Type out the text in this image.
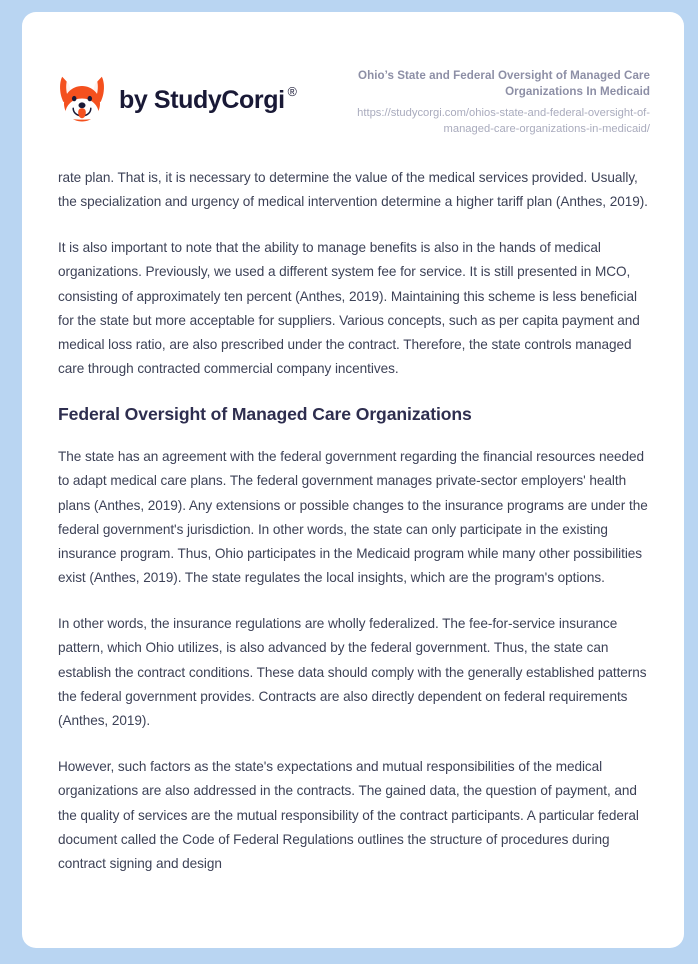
by StudyCorgi ®
Ohio’s State and Federal Oversight of Managed Care Organizations In Medicaid
https://studycorgi.com/ohios-state-and-federal-oversight-of-managed-care-organizations-in-medicaid/

rate plan. That is, it is necessary to determine the value of the medical services provided. Usually, the specialization and urgency of medical intervention determine a higher tariff plan (Anthes, 2019).

It is also important to note that the ability to manage benefits is also in the hands of medical organizations. Previously, we used a different system fee for service. It is still presented in MCO, consisting of approximately ten percent (Anthes, 2019). Maintaining this scheme is less beneficial for the state but more acceptable for suppliers. Various concepts, such as per capita payment and medical loss ratio, are also prescribed under the contract. Therefore, the state controls managed care through contracted commercial company incentives.

Federal Oversight of Managed Care Organizations

The state has an agreement with the federal government regarding the financial resources needed to adapt medical care plans. The federal government manages private-sector employers' health plans (Anthes, 2019). Any extensions or possible changes to the insurance programs are under the federal government's jurisdiction. In other words, the state can only participate in the existing insurance program. Thus, Ohio participates in the Medicaid program while many other possibilities exist (Anthes, 2019). The state regulates the local insights, which are the program's options.

In other words, the insurance regulations are wholly federalized. The fee-for-service insurance pattern, which Ohio utilizes, is also advanced by the federal government. Thus, the state can establish the contract conditions. These data should comply with the generally established patterns the federal government provides. Contracts are also directly dependent on federal requirements (Anthes, 2019).

However, such factors as the state's expectations and mutual responsibilities of the medical organizations are also addressed in the contracts. The gained data, the question of payment, and the quality of services are the mutual responsibility of the contract participants. A particular federal document called the Code of Federal Regulations outlines the structure of procedures during contract signing and design
